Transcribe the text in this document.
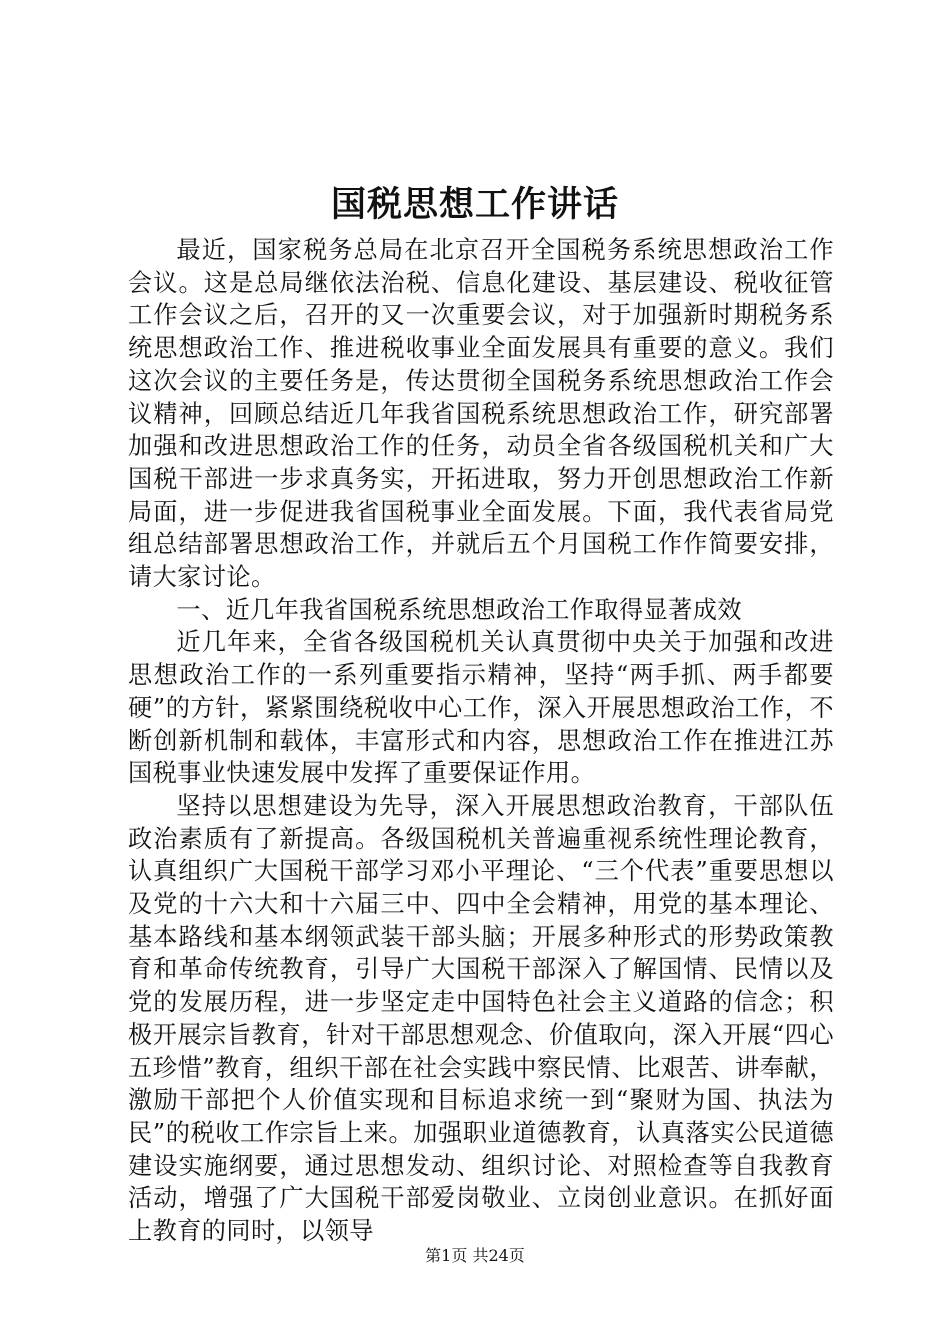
国税思想工作讲话

最近，国家税务总局在北京召开全国税务系统思想政治工作会议。这是总局继依法治税、信息化建设、基层建设、税收征管工作会议之后，召开的又一次重要会议，对于加强新时期税务系统思想政治工作、推进税收事业全面发展具有重要的意义。我们这次会议的主要任务是，传达贯彻全国税务系统思想政治工作会议精神，回顾总结近几年我省国税系统思想政治工作，研究部署加强和改进思想政治工作的任务，动员全省各级国税机关和广大国税干部进一步求真务实，开拓进取，努力开创思想政治工作新局面，进一步促进我省国税事业全面发展。下面，我代表省局党组总结部署思想政治工作，并就后五个月国税工作作简要安排，请大家讨论。

一、近几年我省国税系统思想政治工作取得显著成效

近几年来，全省各级国税机关认真贯彻中央关于加强和改进思想政治工作的一系列重要指示精神，坚持“两手抓、两手都要硬”的方针，紧紧围绕税收中心工作，深入开展思想政治工作，不断创新机制和载体，丰富形式和内容，思想政治工作在推进江苏国税事业快速发展中发挥了重要保证作用。

坚持以思想建设为先导，深入开展思想政治教育，干部队伍政治素质有了新提高。各级国税机关普遍重视系统性理论教育，认真组织广大国税干部学习邓小平理论、“三个代表”重要思想以及党的十六大和十六届三中、四中全会精神，用党的基本理论、基本路线和基本纲领武装干部头脑；开展多种形式的形势政策教育和革命传统教育，引导广大国税干部深入了解国情、民情以及党的发展历程，进一步坚定走中国特色社会主义道路的信念；积极开展宗旨教育，针对干部思想观念、价值取向，深入开展“四心五珍惜”教育，组织干部在社会实践中察民情、比艰苦、讲奉献，激励干部把个人价值实现和目标追求统一到“聚财为国、执法为民”的税收工作宗旨上来。加强职业道德教育，认真落实公民道德建设实施纲要，通过思想发动、组织讨论、对照检查等自我教育活动，增强了广大国税干部爱岗敬业、立岗创业意识。在抓好面上教育的同时，以领导

第1页 共24页
